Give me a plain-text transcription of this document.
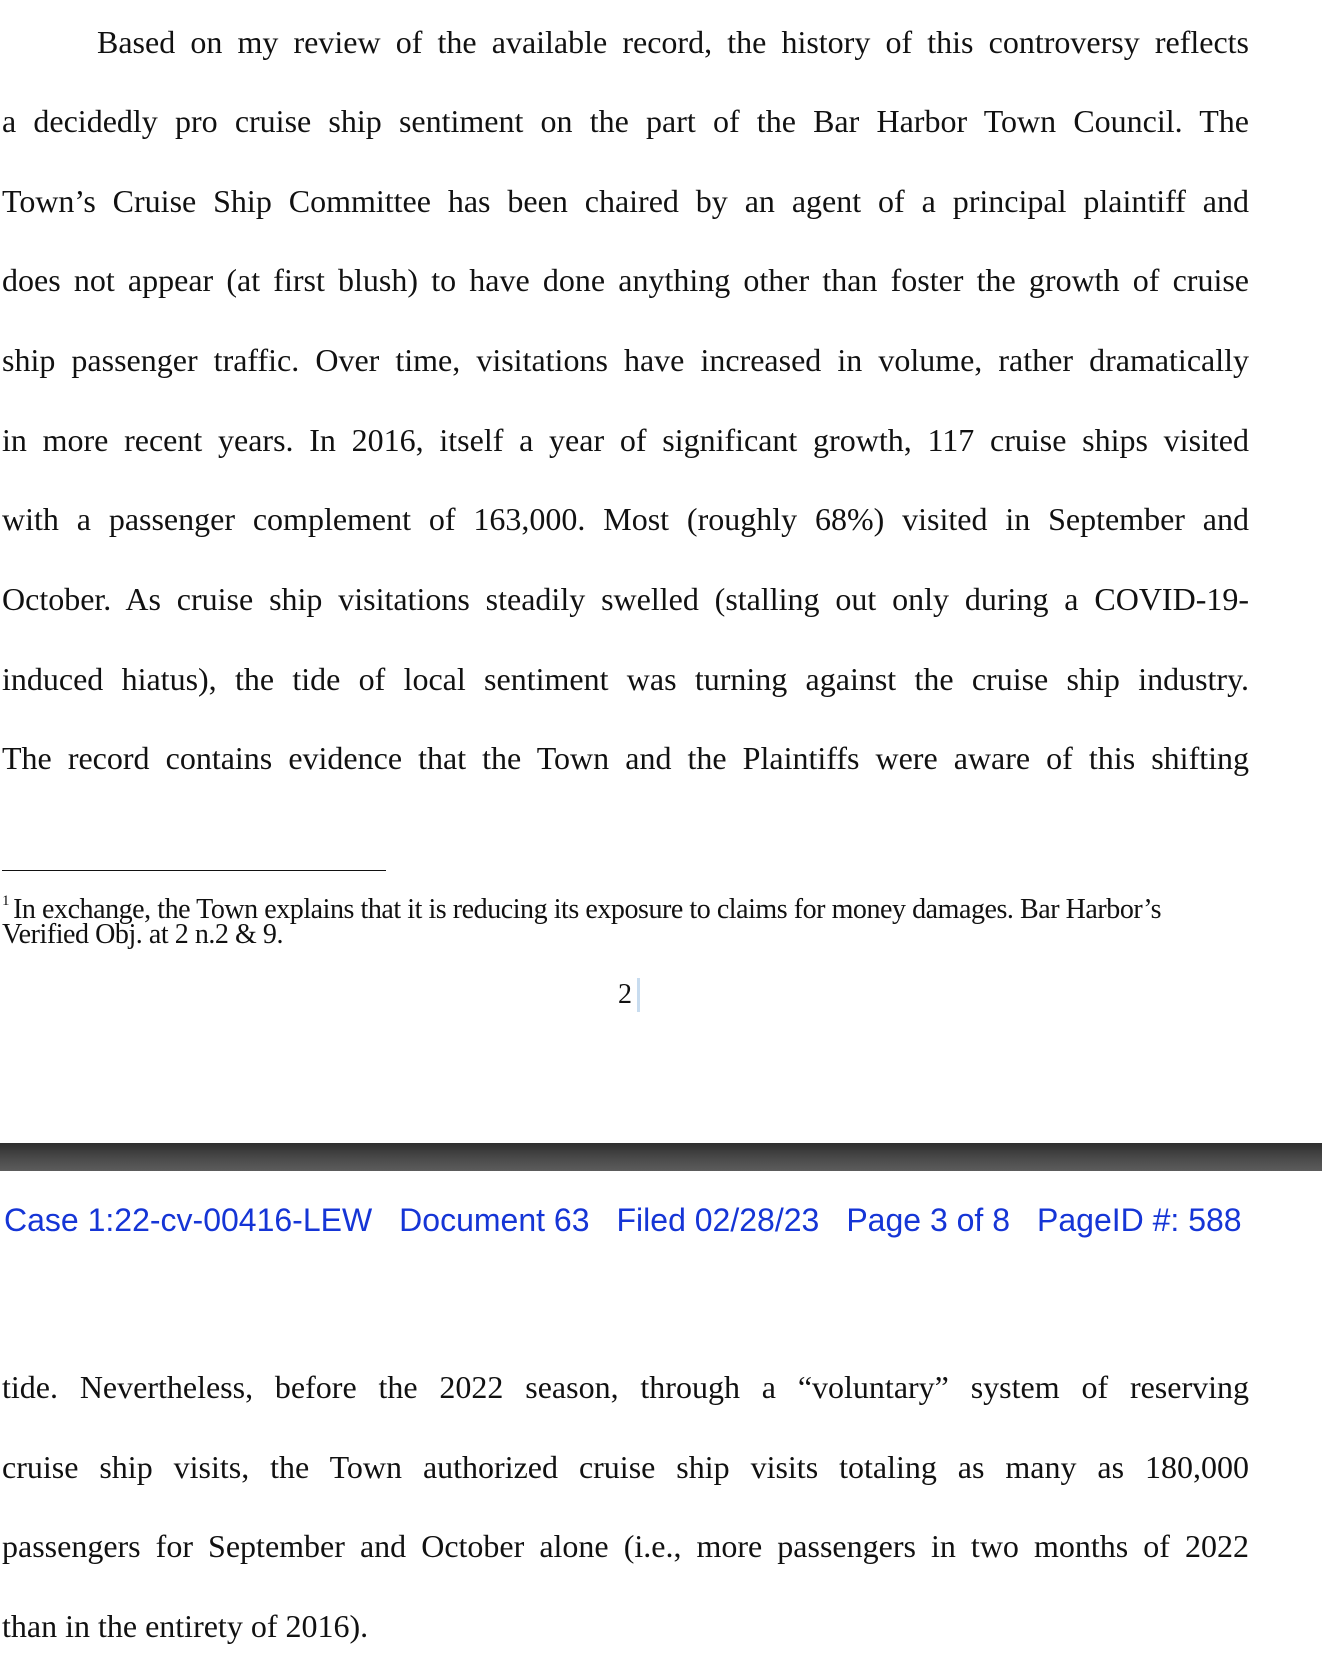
Based on my review of the available record, the history of this controversy reflects
a decidedly pro cruise ship sentiment on the part of the Bar Harbor Town Council. The
Town’s Cruise Ship Committee has been chaired by an agent of a principal plaintiff and
does not appear (at first blush) to have done anything other than foster the growth of cruise
ship passenger traffic. Over time, visitations have increased in volume, rather dramatically
in more recent years. In 2016, itself a year of significant growth, 117 cruise ships visited
with a passenger complement of 163,000. Most (roughly 68%) visited in September and
October. As cruise ship visitations steadily swelled (stalling out only during a COVID-19-
induced hiatus), the tide of local sentiment was turning against the cruise ship industry.
The record contains evidence that the Town and the Plaintiffs were aware of this shifting
$^1$ In exchange, the Town explains that it is reducing its exposure to claims for money damages. Bar Harbor’s
Verified Obj. at 2 n.2 & 9.
2
Case 1:22-cv-00416-LEW Document 63 Filed 02/28/23 Page 3 of 8 PageID #: 588
tide. Nevertheless, before the 2022 season, through a “voluntary” system of reserving
cruise ship visits, the Town authorized cruise ship visits totaling as many as 180,000
passengers for September and October alone (i.e., more passengers in two months of 2022
than in the entirety of 2016).
